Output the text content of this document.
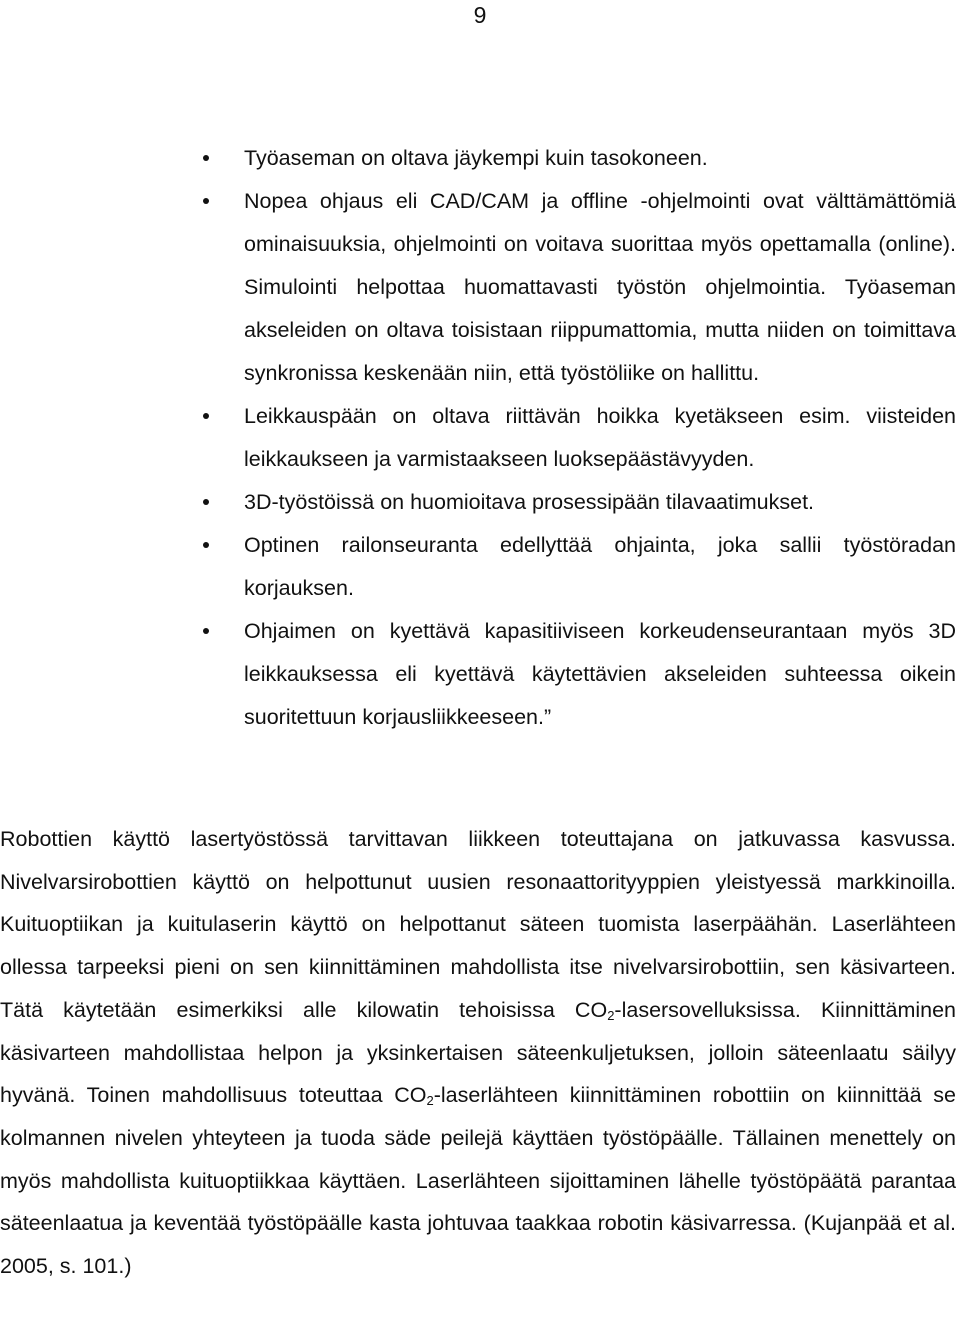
9
Työaseman on oltava jäykempi kuin tasokoneen.
Nopea ohjaus eli CAD/CAM ja offline -ohjelmointi ovat välttämättömiä ominaisuuksia, ohjelmointi on voitava suorittaa myös opettamalla (online). Simulointi helpottaa huomattavasti työstön ohjelmointia. Työaseman akseleiden on oltava toisistaan riippumattomia, mutta niiden on toimittava synkronissa keskenään niin, että työstöliike on hallittu.
Leikkauspään on oltava riittävän hoikka kyetäkseen esim. viisteiden leikkaukseen ja varmistaakseen luoksepäästävyyden.
3D-työstöissä on huomioitava prosessipään tilavaatimukset.
Optinen railonseuranta edellyttää ohjainta, joka sallii työstöradan korjauksen.
Ohjaimen on kyettävä kapasitiiviseen korkeudenseurantaan myös 3D leikkauksessa eli kyettävä käytettävien akseleiden suhteessa oikein suoritettuun korjausliikkeeseen.”

Robottien käyttö lasertyöstössä tarvittavan liikkeen toteuttajana on jatkuvassa kasvussa. Nivelvarsirobottien käyttö on helpottunut uusien resonaattorityyppien yleistyessä markkinoilla. Kuituoptiikan ja kuitulaserin käyttö on helpottanut säteen tuomista laserpäähän. Laserlähteen ollessa tarpeeksi pieni on sen kiinnittäminen mahdollista itse nivelvarsirobottiin, sen käsivarteen. Tätä käytetään esimerkiksi alle kilowatin tehoisissa $CO_2$-lasersovelluksissa. Kiinnittäminen käsivarteen mahdollistaa helpon ja yksinkertaisen säteenkuljetuksen, jolloin säteenlaatu säilyy hyvänä. Toinen mahdollisuus toteuttaa $CO_2$-laserlähteen kiinnittäminen robottiin on kiinnittää se kolmannen nivelen yhteyteen ja tuoda säde peilejä käyttäen työstöpäälle. Tällainen menettely on myös mahdollista kuituoptiikkaa käyttäen. Laserlähteen sijoittaminen lähelle työstöpäätä parantaa säteenlaatua ja keventää työstöpäälle kasta johtuvaa taakkaa robotin käsivarressa. (Kujanpää et al. 2005, s. 101.)
